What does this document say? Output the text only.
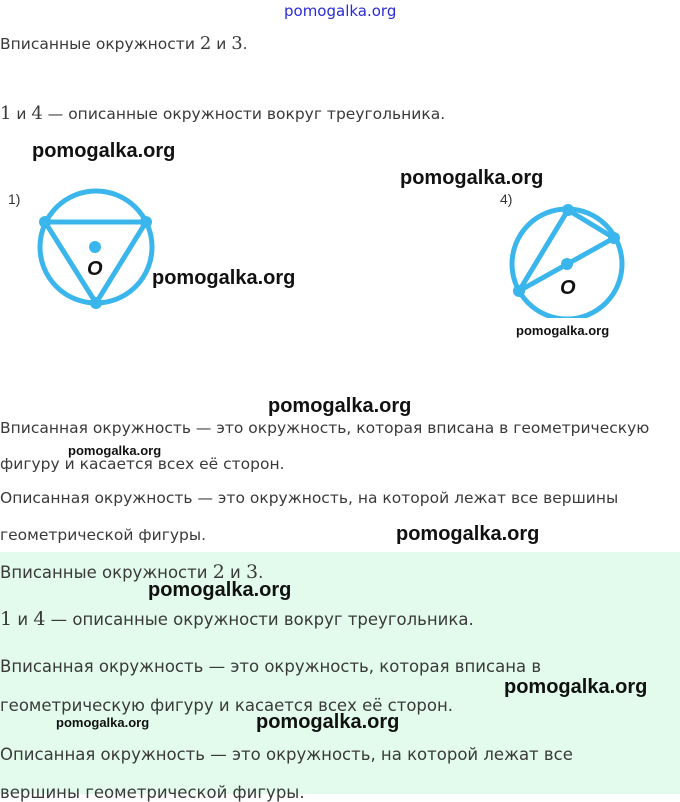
pomogalka.org
Вписанные окружности 2 и 3.
1 и 4 — описанные окружности вокруг треугольника.
pomogalka.org
pomogalka.org
pomogalka.org
pomogalka.org
1)
O
4)
O
pomogalka.org
Вписанная окружность — это окружность, которая вписана в геометрическую
фигуру и касается всех её сторон.
pomogalka.org
Описанная окружность — это окружность, на которой лежат все вершины
геометрической фигуры.	pomogalka.org
Вписанные окружности 2 и 3.
pomogalka.org
1 и 4 — описанные окружности вокруг треугольника.
Вписанная окружность — это окружность, которая вписана в
pomogalka.org
геометрическую фигуру и касается всех её сторон.
pomogalka.org	pomogalka.org
Описанная окружность — это окружность, на которой лежат все
вершины геометрической фигуры.
